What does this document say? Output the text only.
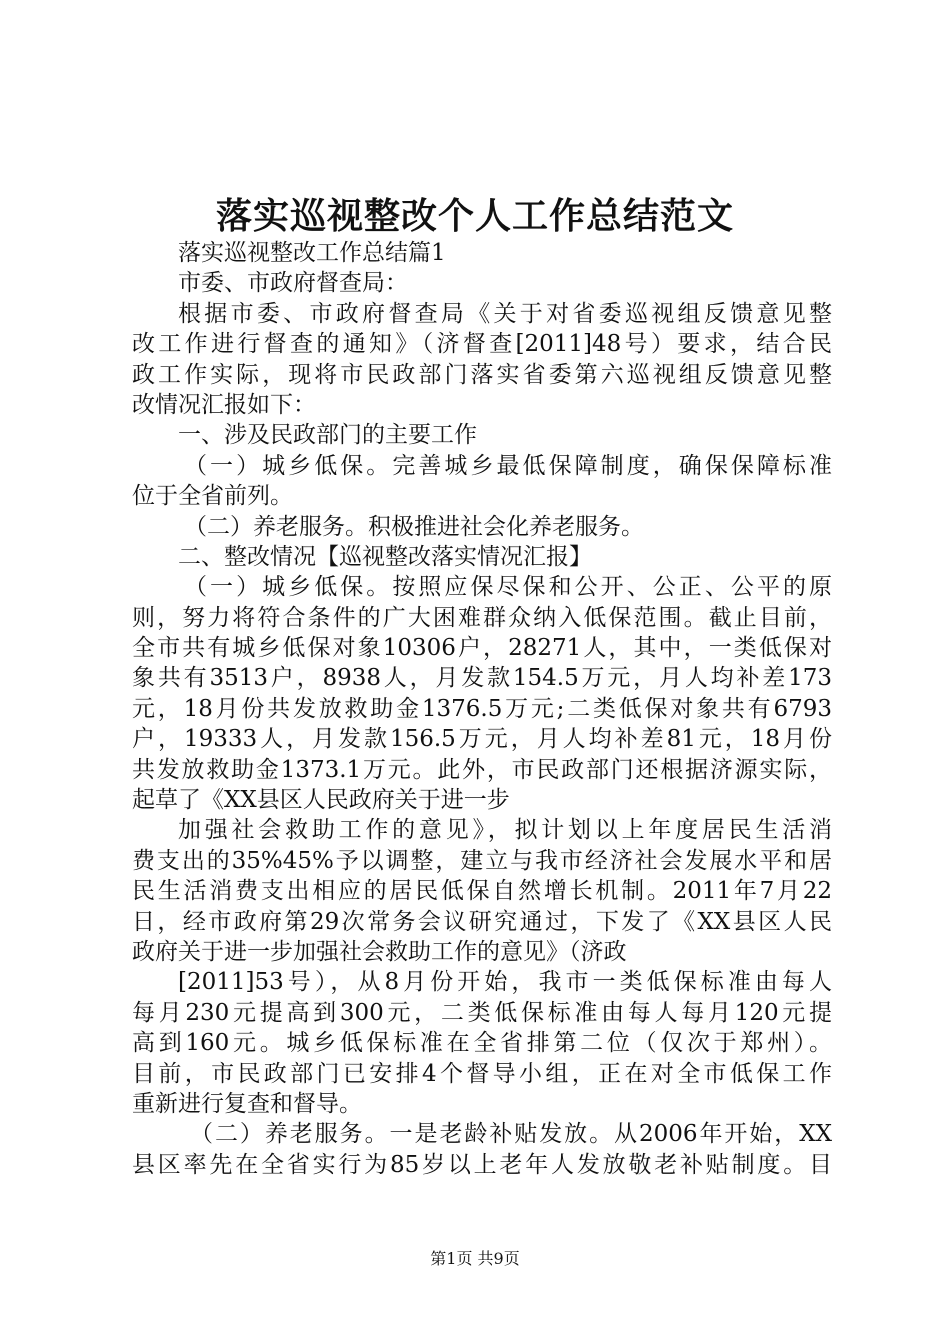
落实巡视整改个人工作总结范文
落实巡视整改工作总结篇1
市委、市政府督查局：
根据市委、市政府督查局《关于对省委巡视组反馈意见整
改工作进行督查的通知》（济督查[2011]48号）要求，结合民
政工作实际，现将市民政部门落实省委第六巡视组反馈意见整
改情况汇报如下：
一、涉及民政部门的主要工作
（一）城乡低保。完善城乡最低保障制度，确保保障标准
位于全省前列。
（二）养老服务。积极推进社会化养老服务。
二、整改情况【巡视整改落实情况汇报】
（一）城乡低保。按照应保尽保和公开、公正、公平的原
则，努力将符合条件的广大困难群众纳入低保范围。截止目前，
全市共有城乡低保对象10306户，28271人，其中，一类低保对
象共有3513户，8938人，月发款154.5万元，月人均补差173
元，18月份共发放救助金1376.5万元;二类低保对象共有6793
户，19333人，月发款156.5万元，月人均补差81元，18月份
共发放救助金1373.1万元。此外，市民政部门还根据济源实际，
起草了《XX县区人民政府关于进一步
加强社会救助工作的意见》，拟计划以上年度居民生活消
费支出的35%45%予以调整，建立与我市经济社会发展水平和居
民生活消费支出相应的居民低保自然增长机制。2011年7月22
日，经市政府第29次常务会议研究通过，下发了《XX县区人民
政府关于进一步加强社会救助工作的意见》（济政
[2011]53号），从8月份开始，我市一类低保标准由每人
每月230元提高到300元，二类低保标准由每人每月120元提
高到160元。城乡低保标准在全省排第二位（仅次于郑州）。
目前，市民政部门已安排4个督导小组，正在对全市低保工作
重新进行复查和督导。
（二）养老服务。一是老龄补贴发放。从2006年开始，XX
县区率先在全省实行为85岁以上老年人发放敬老补贴制度。目
第1页 共9页
